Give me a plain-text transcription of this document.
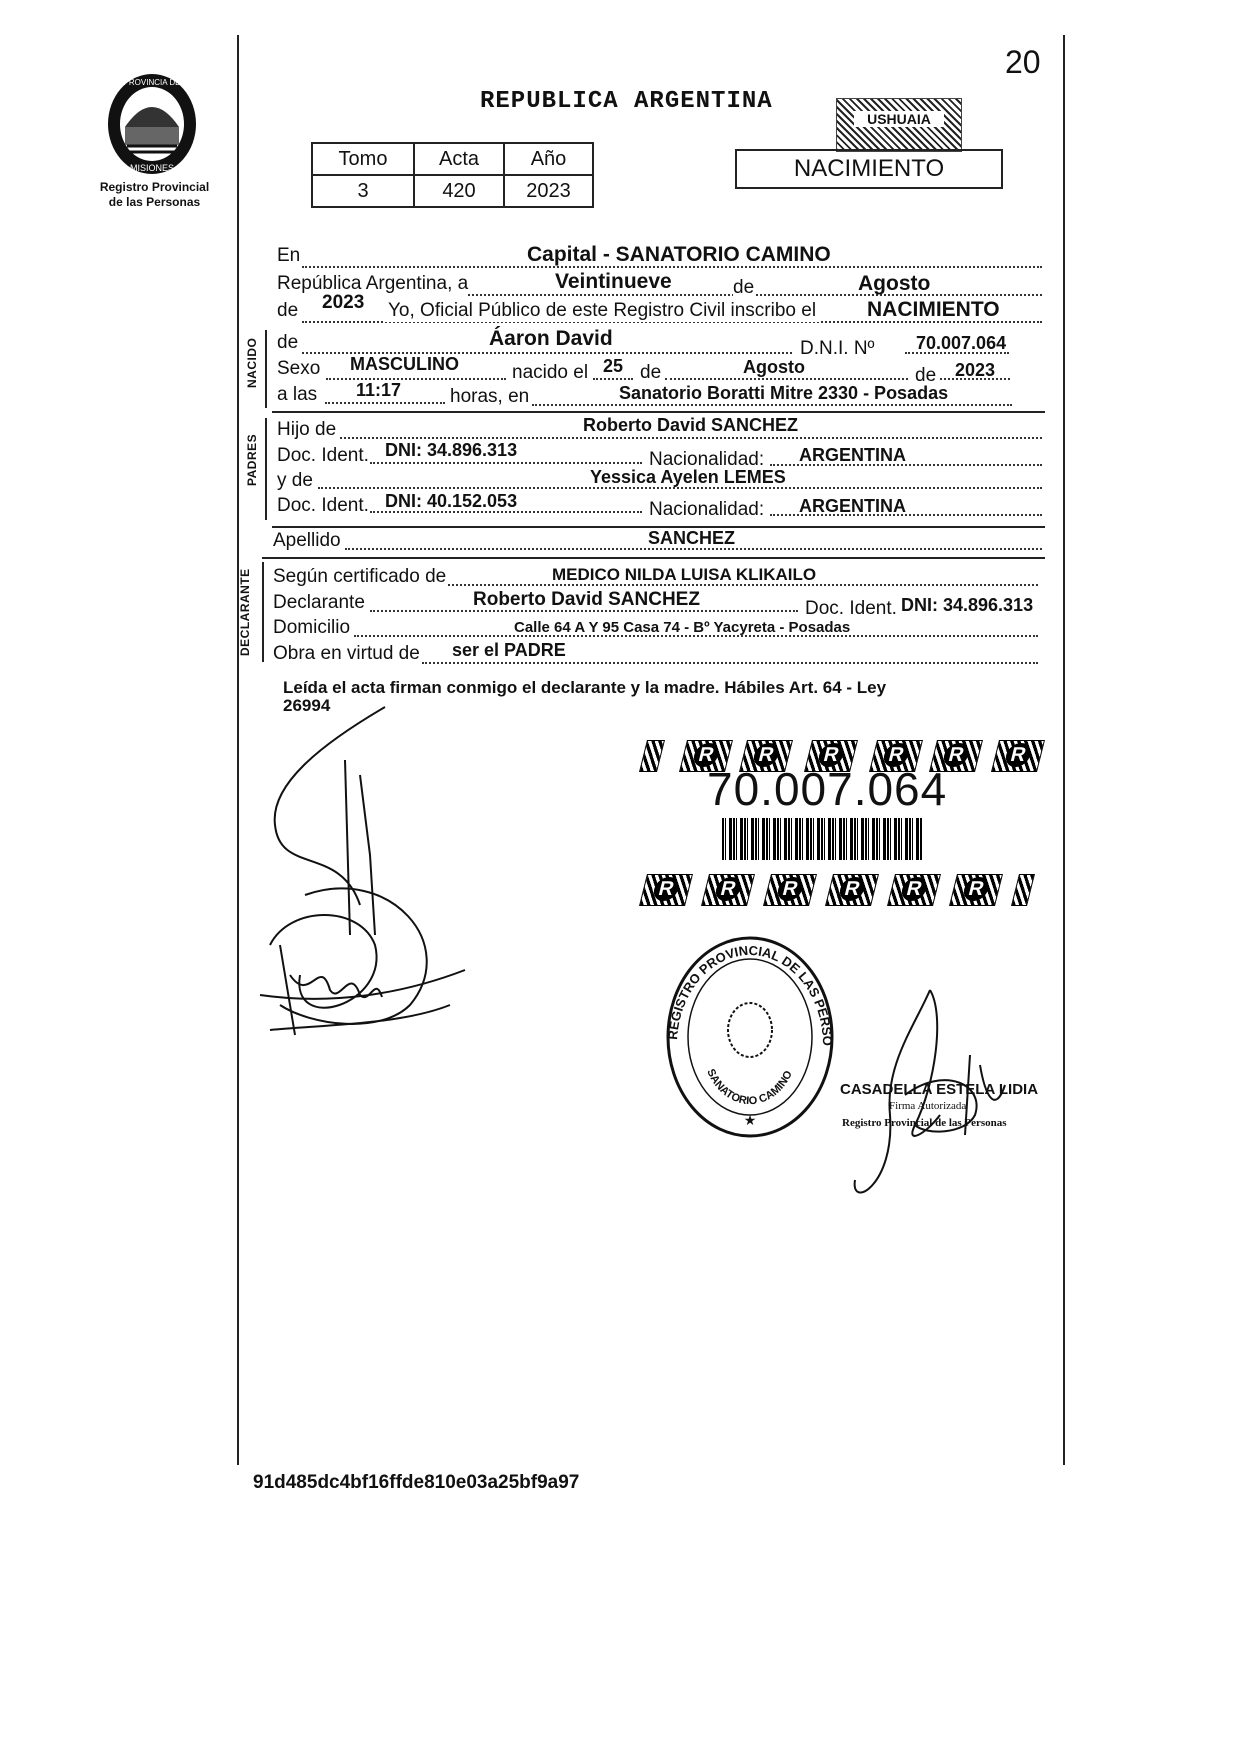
PROVINCIA DE
MISIONES
Registro Provincial
de las Personas
20
REPUBLICA ARGENTINA
USHUAIA
NACIMIENTO
Tomo	Acta	Año
3	420	2023
En	Capital - SANATORIO CAMINO
República Argentina, a	Veintinueve	de	Agosto
de 2023 Yo, Oficial Público de este Registro Civil inscribo el NACIMIENTO
NACIDO de	Áaron David	D.N.I. Nº 70.007.064
Sexo MASCULINO	nacido el 25 de	Agosto	de 2023
a las 11:17	horas, en	Sanatorio Boratti Mitre 2330 - Posadas
PADRES
Hijo de	Roberto David SANCHEZ
Doc. Ident. DNI: 34.896.313	Nacionalidad: ARGENTINA
y de	Yessica Ayelen LEMES
Doc. Ident. DNI: 40.152.053	Nacionalidad: ARGENTINA
Apellido	SANCHEZ
DECLARANTE Según certificado de	MEDICO NILDA LUISA KLIKAILO
Declarante	Roberto David SANCHEZ	Doc. Ident. DNI: 34.896.313
Domicilio	Calle 64 A Y 95 Casa 74 - Bº Yacyreta - Posadas
Obra en virtud de ser el PADRE
Leída el acta firman conmigo el declarante y la madre. Hábiles Art. 64 - Ley
26994
R R R R R R
70.007.064
R R R R R R
REGISTRO PROVINCIAL DE LAS PERSO
SANATORIO CAMINO
★
CASADELLA ESTELA LIDIA
Firma Autorizada
Registro Provincial de las Personas
91d485dc4bf16ffde810e03a25bf9a97
